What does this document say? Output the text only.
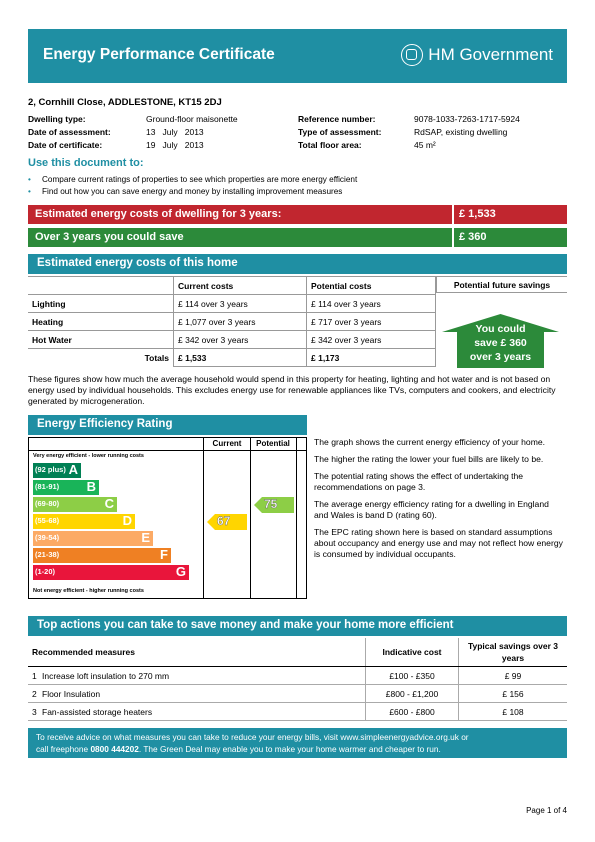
Energy Performance Certificate	HM Government
2, Cornhill Close, ADDLESTONE, KT15 2DJ
Dwelling type:	Ground-floor maisonette
Date of assessment:	13   July   2013
Date of certificate:	19   July   2013
Reference number:	9078-1033-7263-1717-5924
Type of assessment:	RdSAP, existing dwelling
Total floor area:	45 m²
Use this document to:
• Compare current ratings of properties to see which properties are more energy efficient
• Find out how you can save energy and money by installing improvement measures
Estimated energy costs of dwelling for 3 years:	£ 1,533
Over 3 years you could save	£ 360
Estimated energy costs of this home
	Current costs	Potential costs
Lighting	£ 114 over 3 years	£ 114 over 3 years
Heating	£ 1,077 over 3 years	£ 717 over 3 years
Hot Water	£ 342 over 3 years	£ 342 over 3 years
Totals	£ 1,533	£ 1,173
Potential future savings
You could
save £ 360
over 3 years
These figures show how much the average household would spend in this property for heating, lighting and hot water and is not based on energy used by individual households. This excludes energy use for renewable appliances like TVs, computers and cookers, and electricity generated by microgeneration.
Energy Efficiency Rating
Current	Potential
Very energy efficient - lower running costs
Not energy efficient - higher running costs
(92 plus) A
(81-91) B
(69-80)	C
(55-68)	D
(39-54)	E
(21-38)	F
(1-20)	G
67
75

The graph shows the current energy efficiency of your home.

The higher the rating the lower your fuel bills are likely to be.

The potential rating shows the effect of undertaking the recommendations on page 3.

The average energy efficiency rating for a dwelling in England and Wales is band D (rating 60).

The EPC rating shown here is based on standard assumptions about occupancy and energy use and may not reflect how energy is consumed by individual occupants.

Top actions you can take to save money and make your home more efficient
Recommended measures	Indicative cost	Typical savings over 3 years
1 Increase loft insulation to 270 mm	£100 - £350	£ 99
2 Floor Insulation	£800 - £1,200	£ 156
3 Fan-assisted storage heaters	£600 - £800	£ 108
To receive advice on what measures you can take to reduce your energy bills, visit www.simpleenergyadvice.org.uk or
call freephone 0800 444202. The Green Deal may enable you to make your home warmer and cheaper to run.
Page 1 of 4
